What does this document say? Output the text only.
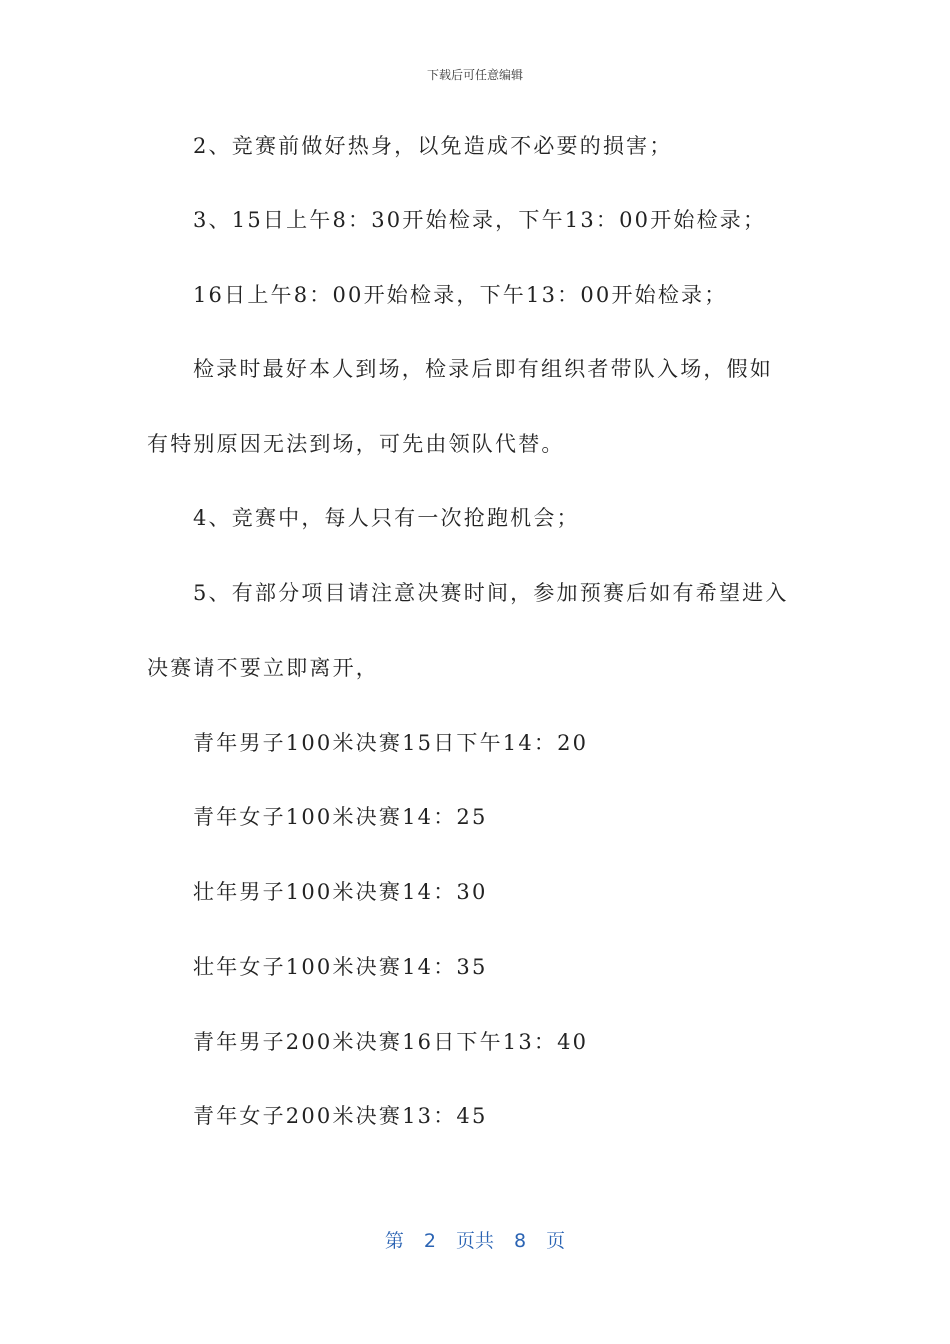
下载后可任意编辑
2、竞赛前做好热身，以免造成不必要的损害；
3、15日上午8：30开始检录，下午13：00开始检录；
16日上午8：00开始检录，下午13：00开始检录；
检录时最好本人到场，检录后即有组织者带队入场，假如
有特别原因无法到场，可先由领队代替。
4、竞赛中，每人只有一次抢跑机会；
5、有部分项目请注意决赛时间，参加预赛后如有希望进入
决赛请不要立即离开，
青年男子100米决赛15日下午14：20
青年女子100米决赛14：25
壮年男子100米决赛14：30
壮年女子100米决赛14：35
青年男子200米决赛16日下午13：40
青年女子200米决赛13：45
第 2 页共 8 页
